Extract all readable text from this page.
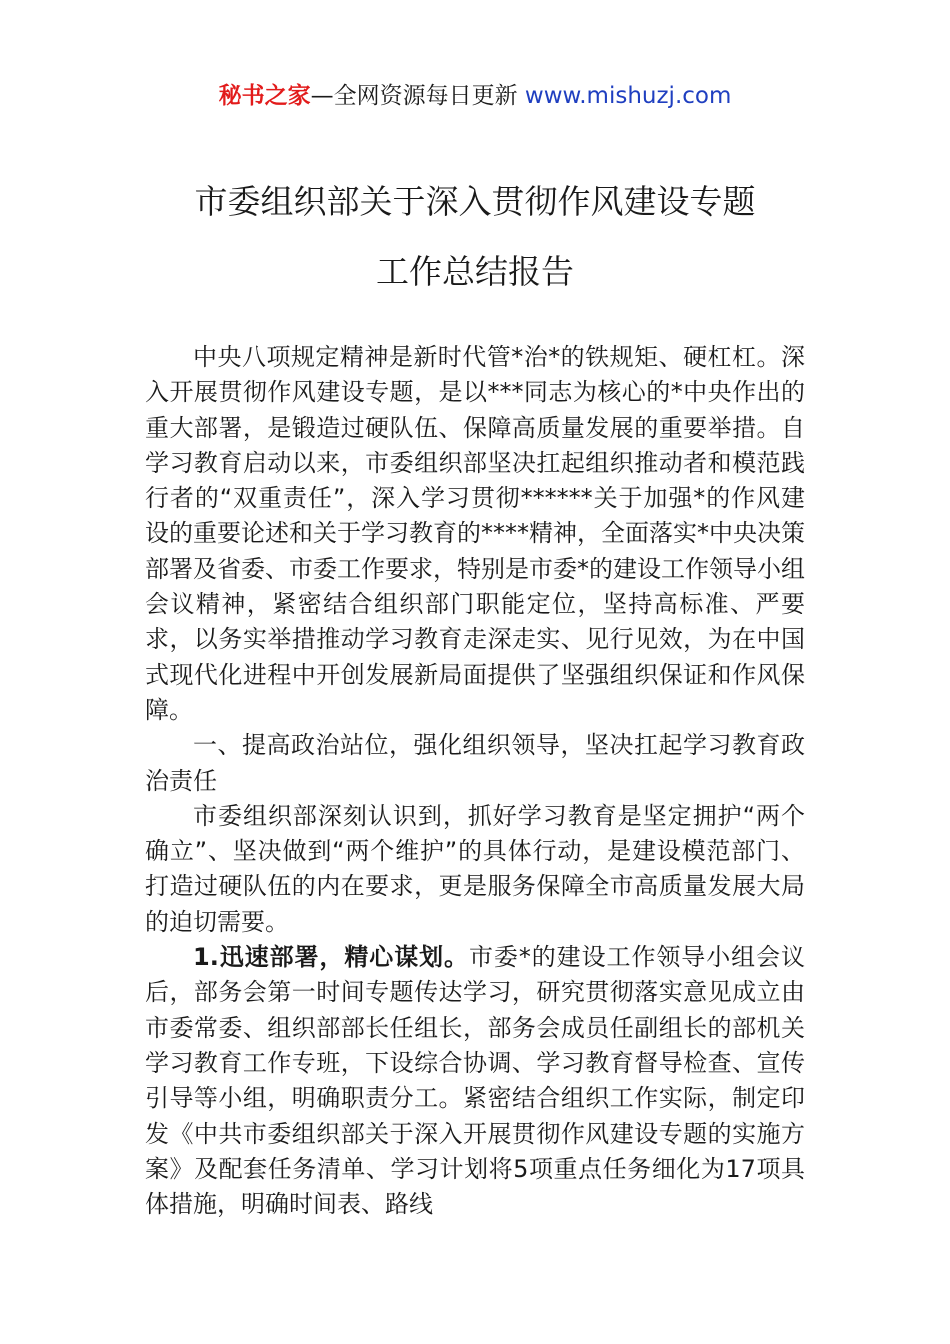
秘书之家—全网资源每日更新 www.mishuzj.com
市委组织部关于深入贯彻作风建设专题
工作总结报告

中央八项规定精神是新时代管*治*的铁规矩、硬杠杠。深入开展贯彻作风建设专题，是以***同志为核心的*中央作出的重大部署，是锻造过硬队伍、保障高质量发展的重要举措。自学习教育启动以来，市委组织部坚决扛起组织推动者和模范践行者的“双重责任”，深入学习贯彻******关于加强*的作风建设的重要论述和关于学习教育的****精神，全面落实*中央决策部署及省委、市委工作要求，特别是市委*的建设工作领导小组会议精神，紧密结合组织部门职能定位，坚持高标准、严要求，以务实举措推动学习教育走深走实、见行见效，为在中国式现代化进程中开创发展新局面提供了坚强组织保证和作风保障。

一、提高政治站位，强化组织领导，坚决扛起学习教育政治责任

市委组织部深刻认识到，抓好学习教育是坚定拥护“两个确立”、坚决做到“两个维护”的具体行动，是建设模范部门、打造过硬队伍的内在要求，更是服务保障全市高质量发展大局的迫切需要。

1.迅速部署，精心谋划。市委*的建设工作领导小组会议后，部务会第一时间专题传达学习，研究贯彻落实意见成立由市委常委、组织部部长任组长，部务会成员任副组长的部机关学习教育工作专班，下设综合协调、学习教育督导检查、宣传引导等小组，明确职责分工。紧密结合组织工作实际，制定印发《中共市委组织部关于深入开展贯彻作风建设专题的实施方案》及配套任务清单、学习计划将5项重点任务细化为17项具体措施，明确时间表、路线
